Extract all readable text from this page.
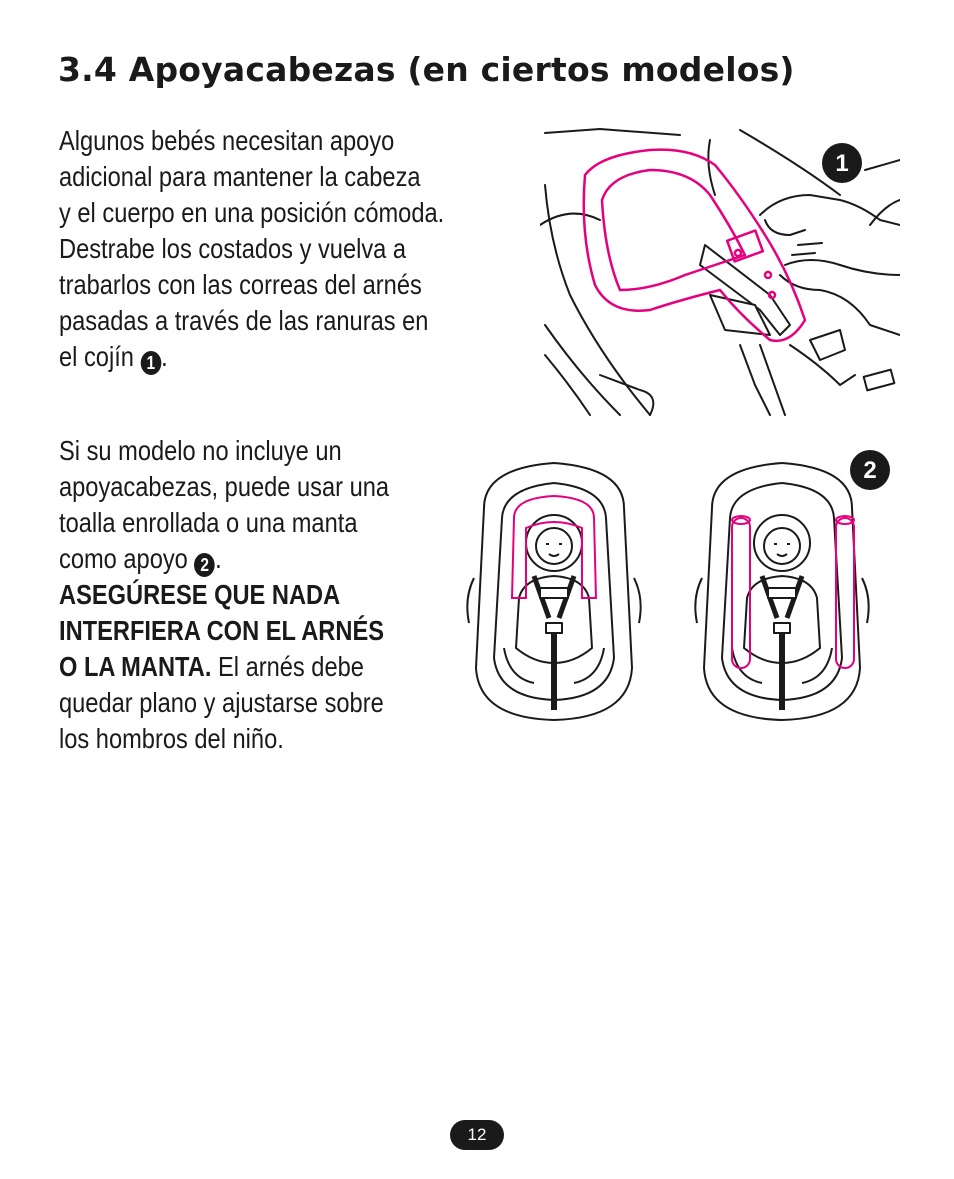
3.4 Apoyacabezas (en ciertos modelos)
Algunos bebés necesitan apoyo
adicional para mantener la cabeza
y el cuerpo en una posición cómoda.
Destrabe los costados y vuelva a
trabarlos con las correas del arnés
pasadas a través de las ranuras en
el cojín 1 .
Si su modelo no incluye un
apoyacabezas, puede usar una
toalla enrollada o una manta
como apoyo 2 .
ASEGÚRESE QUE NADA
INTERFIERA CON EL ARNÉS
O LA MANTA. El arnés debe
quedar plano y ajustarse sobre
los hombros del niño.
1
2
12
